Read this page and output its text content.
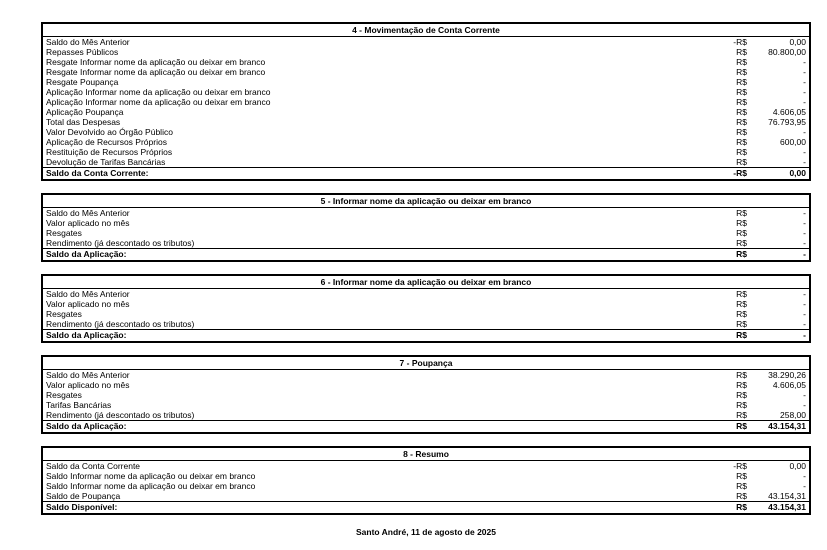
4 - Movimentação de Conta Corrente
Saldo do Mês Anterior	-R$	0,00
Repasses Públicos	R$	80.800,00
Resgate Informar nome da aplicação ou deixar em branco	R$	-
Resgate Informar nome da aplicação ou deixar em branco	R$	-
Resgate Poupança	R$	-
Aplicação Informar nome da aplicação ou deixar em branco	R$	-
Aplicação Informar nome da aplicação ou deixar em branco	R$	-
Aplicação Poupança	R$	4.606,05
Total das Despesas	R$	76.793,95
Valor Devolvido ao Órgão Público	R$	-
Aplicação de Recursos Próprios	R$	600,00
Restituição de Recursos Próprios	R$	-
Devolução de Tarifas Bancárias	R$	-
Saldo da Conta Corrente:	-R$	0,00
5 - Informar nome da aplicação ou deixar em branco
Saldo do Mês Anterior	R$	-
Valor aplicado no mês	R$	-
Resgates	R$	-
Rendimento (já descontado os tributos)	R$	-
Saldo da Aplicação:	R$	-
6 - Informar nome da aplicação ou deixar em branco
Saldo do Mês Anterior	R$	-
Valor aplicado no mês	R$	-
Resgates	R$	-
Rendimento (já descontado os tributos)	R$	-
Saldo da Aplicação:	R$	-
7 - Poupança
Saldo do Mês Anterior	R$	38.290,26
Valor aplicado no mês	R$	4.606,05
Resgates	R$	-
Tarifas Bancárias	R$	-
Rendimento (já descontado os tributos)	R$	258,00
Saldo da Aplicação:	R$	43.154,31
8 - Resumo
Saldo da Conta Corrente	-R$	0,00
Saldo Informar nome da aplicação ou deixar em branco	R$	-
Saldo Informar nome da aplicação ou deixar em branco	R$	-
Saldo de Poupança	R$	43.154,31
Saldo Disponível:	R$	43.154,31
Santo André, 11 de agosto de 2025
